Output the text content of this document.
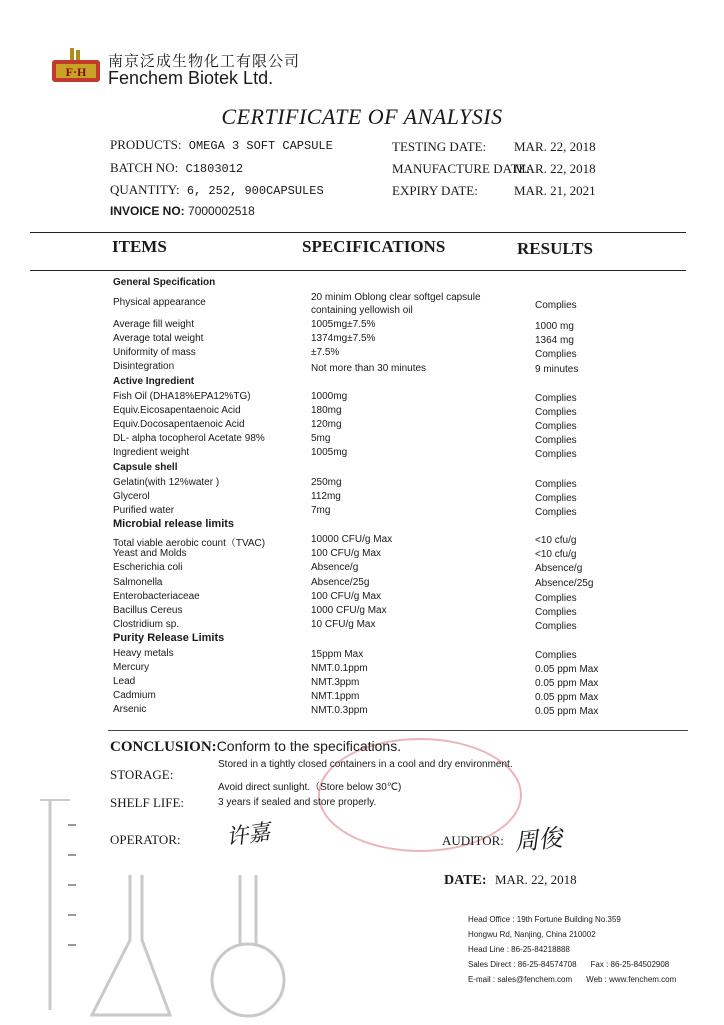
F·H
南京泛成生物化工有限公司
Fenchem Biotek Ltd.
CERTIFICATE OF ANALYSIS
PRODUCTS: OMEGA 3 SOFT CAPSULE
BATCH NO: C1803012
QUANTITY: 6, 252, 900CAPSULES
INVOICE NO: 7000002518
TESTING DATE: MAR. 22, 2018
MANUFACTURE DATE:
MAR. 22, 2018
EXPIRY DATE:	MAR. 21, 2021
ITEMS	SPECIFICATIONS	RESULTS
General Specification
Physical appearance	20 minim Oblong clear softgel capsule
containing yellowish oil	Complies
Average fill weight	1005mg±7.5%	1000 mg
Average total weight	1374mg±7.5%	1364 mg
Uniformity of mass	±7.5%	Complies
Disintegration	Not more than 30 minutes	9 minutes
Active Ingredient
Fish Oil (DHA18%EPA12%TG)	1000mg	Complies
Equiv.Eicosapentaenoic Acid	180mg	Complies
Equiv.Docosapentaenoic Acid	120mg	Complies
DL- alpha tocopherol Acetate 98%	5mg	Complies
Ingredient weight	1005mg	Complies
Capsule shell
Gelatin(with 12%water )	250mg	Complies
Glycerol	112mg	Complies
Purified water	7mg	Complies
Microbial release limits
Total viable aerobic count（TVAC)	10000 CFU/g Max	<10 cfu/g
Yeast and Molds	100 CFU/g Max	<10 cfu/g
Escherichia coli	Absence/g	Absence/g
Salmonella	Absence/25g	Absence/25g
Enterobacteriaceae	100 CFU/g Max	Complies
Bacillus Cereus	1000 CFU/g Max	Complies
Clostridium sp.	10 CFU/g Max	Complies
Purity Release Limits
Heavy metals	15ppm Max	Complies
Mercury	NMT.0.1ppm	0.05 ppm Max
Lead	NMT.3ppm	0.05 ppm Max
Cadmium	NMT.1ppm	0.05 ppm Max
Arsenic	NMT.0.3ppm	0.05 ppm Max
CONCLUSION:Conform to the specifications.
STORAGE:
Stored in a tightly closed containers in a cool and dry environment.
Avoid direct sunlight.（Store below 30℃)
SHELF LIFE:	3 years if sealed and store properly.
OPERATOR: 许嘉	AUDITOR: 周俊
DATE: MAR. 22, 2018
Head Office : 19th Fortune Building No.359
Hongwu Rd, Nanjing, China 210002
Head Line : 86-25-84218888
Sales Direct : 86-25-84574708 Fax : 86-25-84502908
E-mail : sales@fenchem.com Web : www.fenchem.com
